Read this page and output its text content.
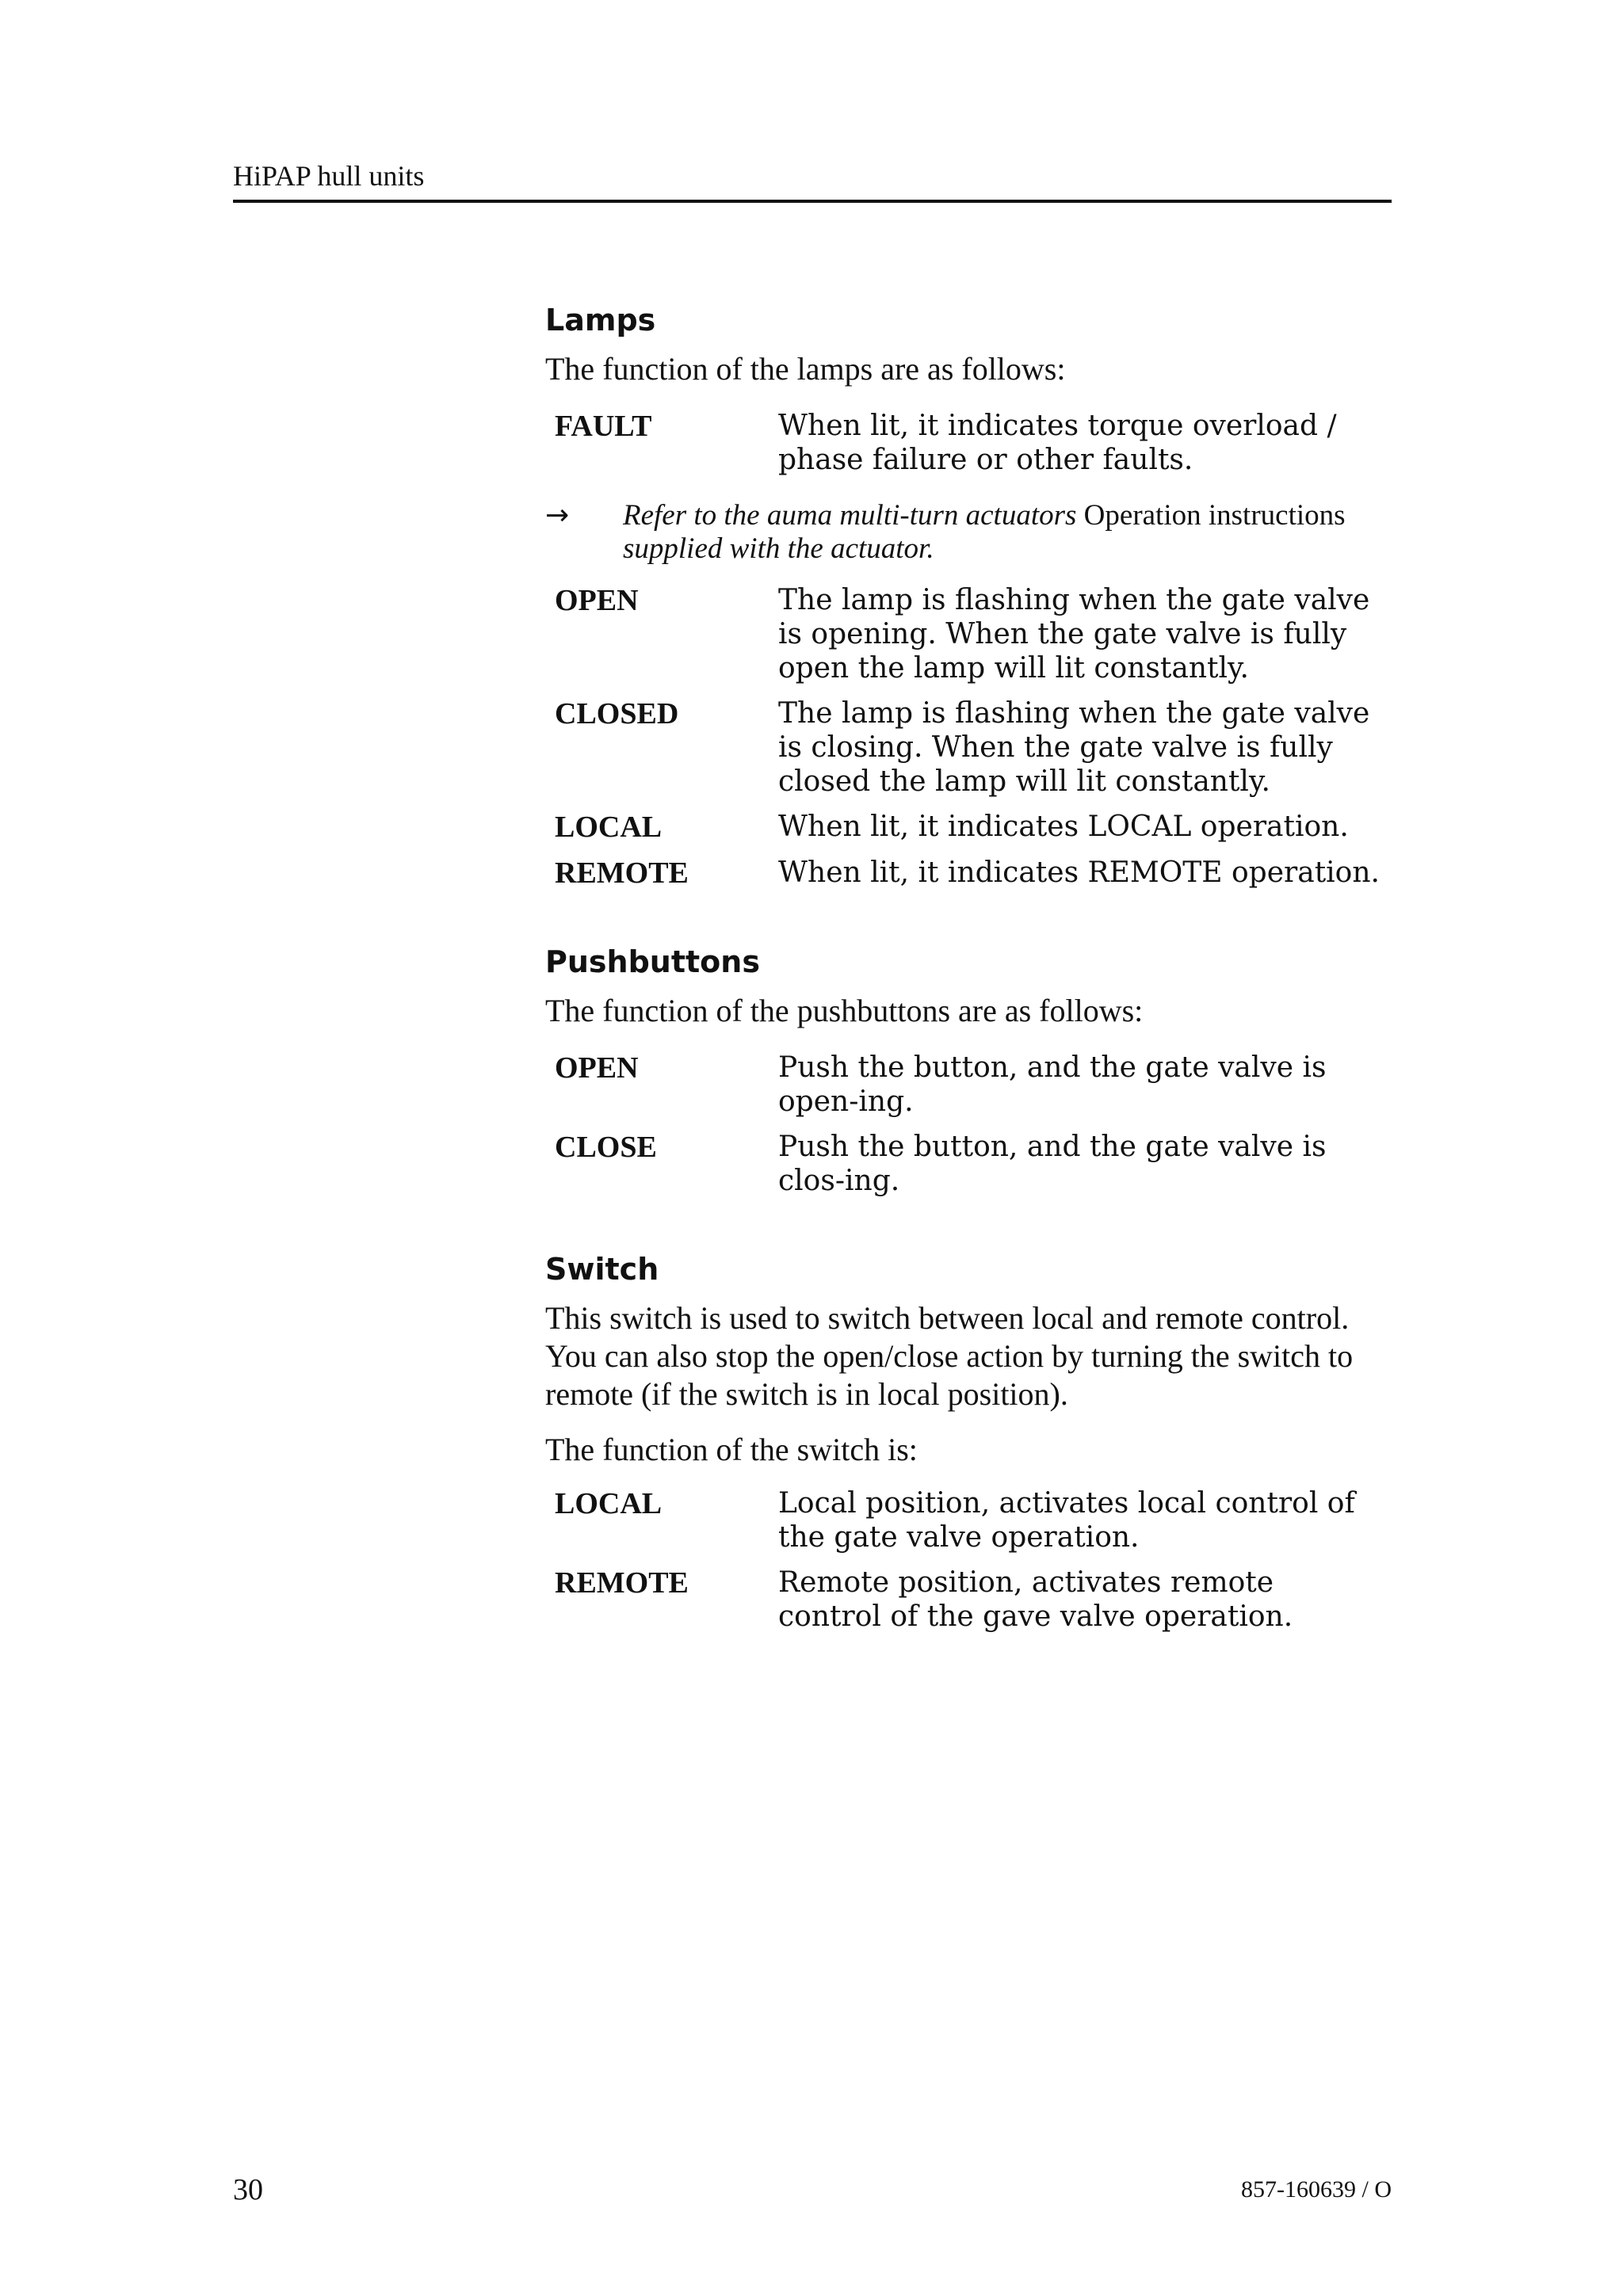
HiPAP hull units
Lamps
The function of the lamps are as follows:
FAULT	When lit, it indicates torque overload / phase failure or other faults.
→	Refer to the auma multi-turn actuators Operation instructions
supplied with the actuator.
OPEN	The lamp is flashing when the gate valve is opening. When the gate valve is fully open the lamp will lit constantly.
CLOSED	The lamp is flashing when the gate valve is closing. When the gate valve is fully closed the lamp will lit constantly.
LOCAL	When lit, it indicates LOCAL operation.
REMOTE	When lit, it indicates REMOTE operation.
Pushbuttons
The function of the pushbuttons are as follows:
OPEN	Push the button, and the gate valve is open-ing.
CLOSE	Push the button, and the gate valve is clos-ing.
Switch
This switch is used to switch between local and remote control. You can also stop the open/close action by turning the switch to remote (if the switch is in local position).
The function of the switch is:
LOCAL	Local position, activates local control of the gate valve operation.
REMOTE	Remote position, activates remote control of the gave valve operation.
30	857-160639 / O
